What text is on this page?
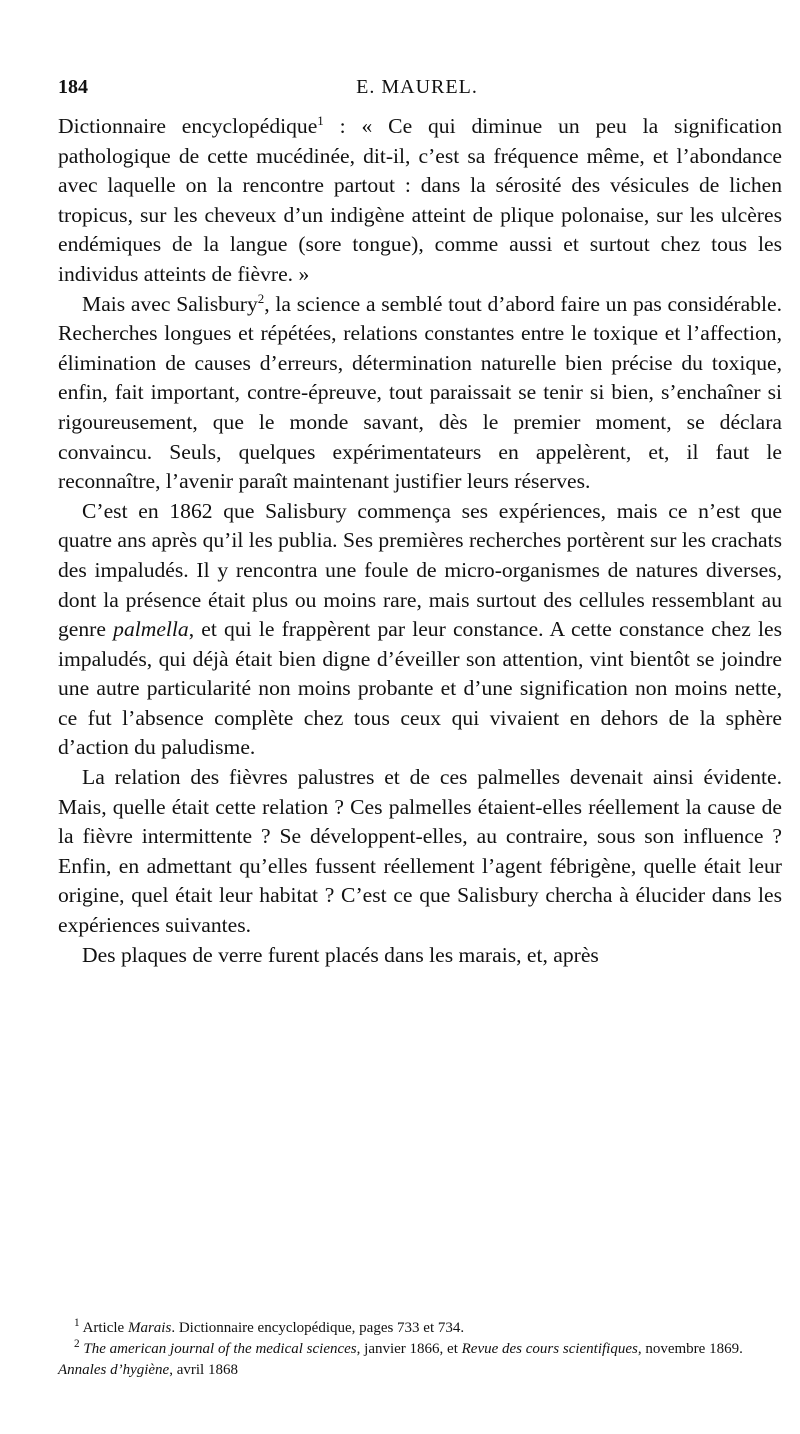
184	E. MAUREL.

Dictionnaire encyclopédique$^1$ : « Ce qui diminue un peu la signification pathologique de cette mucédinée, dit-il, c’est sa fréquence même, et l’abondance avec laquelle on la rencontre partout : dans la sérosité des vésicules de lichen tropicus, sur les cheveux d’un indigène atteint de plique polonaise, sur les ulcères endémiques de la langue (sore tongue), comme aussi et surtout chez tous les individus atteints de fièvre. »

Mais avec Salisbury$^2$, la science a semblé tout d’abord faire un pas considérable. Recherches longues et répétées, relations constantes entre le toxique et l’affection, élimination de causes d’erreurs, détermination naturelle bien précise du toxique, enfin, fait important, contre-épreuve, tout paraissait se tenir si bien, s’enchaîner si rigoureusement, que le monde savant, dès le premier moment, se déclara convaincu. Seuls, quelques expérimentateurs en appelèrent, et, il faut le reconnaître, l’avenir paraît maintenant justifier leurs réserves.

C’est en 1862 que Salisbury commença ses expériences, mais ce n’est que quatre ans après qu’il les publia. Ses premières recherches portèrent sur les crachats des impaludés. Il y rencontra une foule de micro-organismes de natures diverses, dont la présence était plus ou moins rare, mais surtout des cellules ressemblant au genre palmella, et qui le frappèrent par leur constance. A cette constance chez les impaludés, qui déjà était bien digne d’éveiller son attention, vint bientôt se joindre une autre particularité non moins probante et d’une signification non moins nette, ce fut l’absence complète chez tous ceux qui vivaient en dehors de la sphère d’action du paludisme.

La relation des fièvres palustres et de ces palmelles devenait ainsi évidente. Mais, quelle était cette relation ? Ces palmelles étaient-elles réellement la cause de la fièvre intermittente ? Se développent-elles, au contraire, sous son influence ? Enfin, en admettant qu’elles fussent réellement l’agent fébrigène, quelle était leur origine, quel était leur habitat ? C’est ce que Salisbury chercha à élucider dans les expériences suivantes.

Des plaques de verre furent placés dans les marais, et, après

$^1$ Article Marais. Dictionnaire encyclopédique, pages 733 et 734.

$^2$ The american journal of the medical sciences, janvier 1866, et Revue des cours scientifiques, novembre 1869. Annales d’hygiène, avril 1868
